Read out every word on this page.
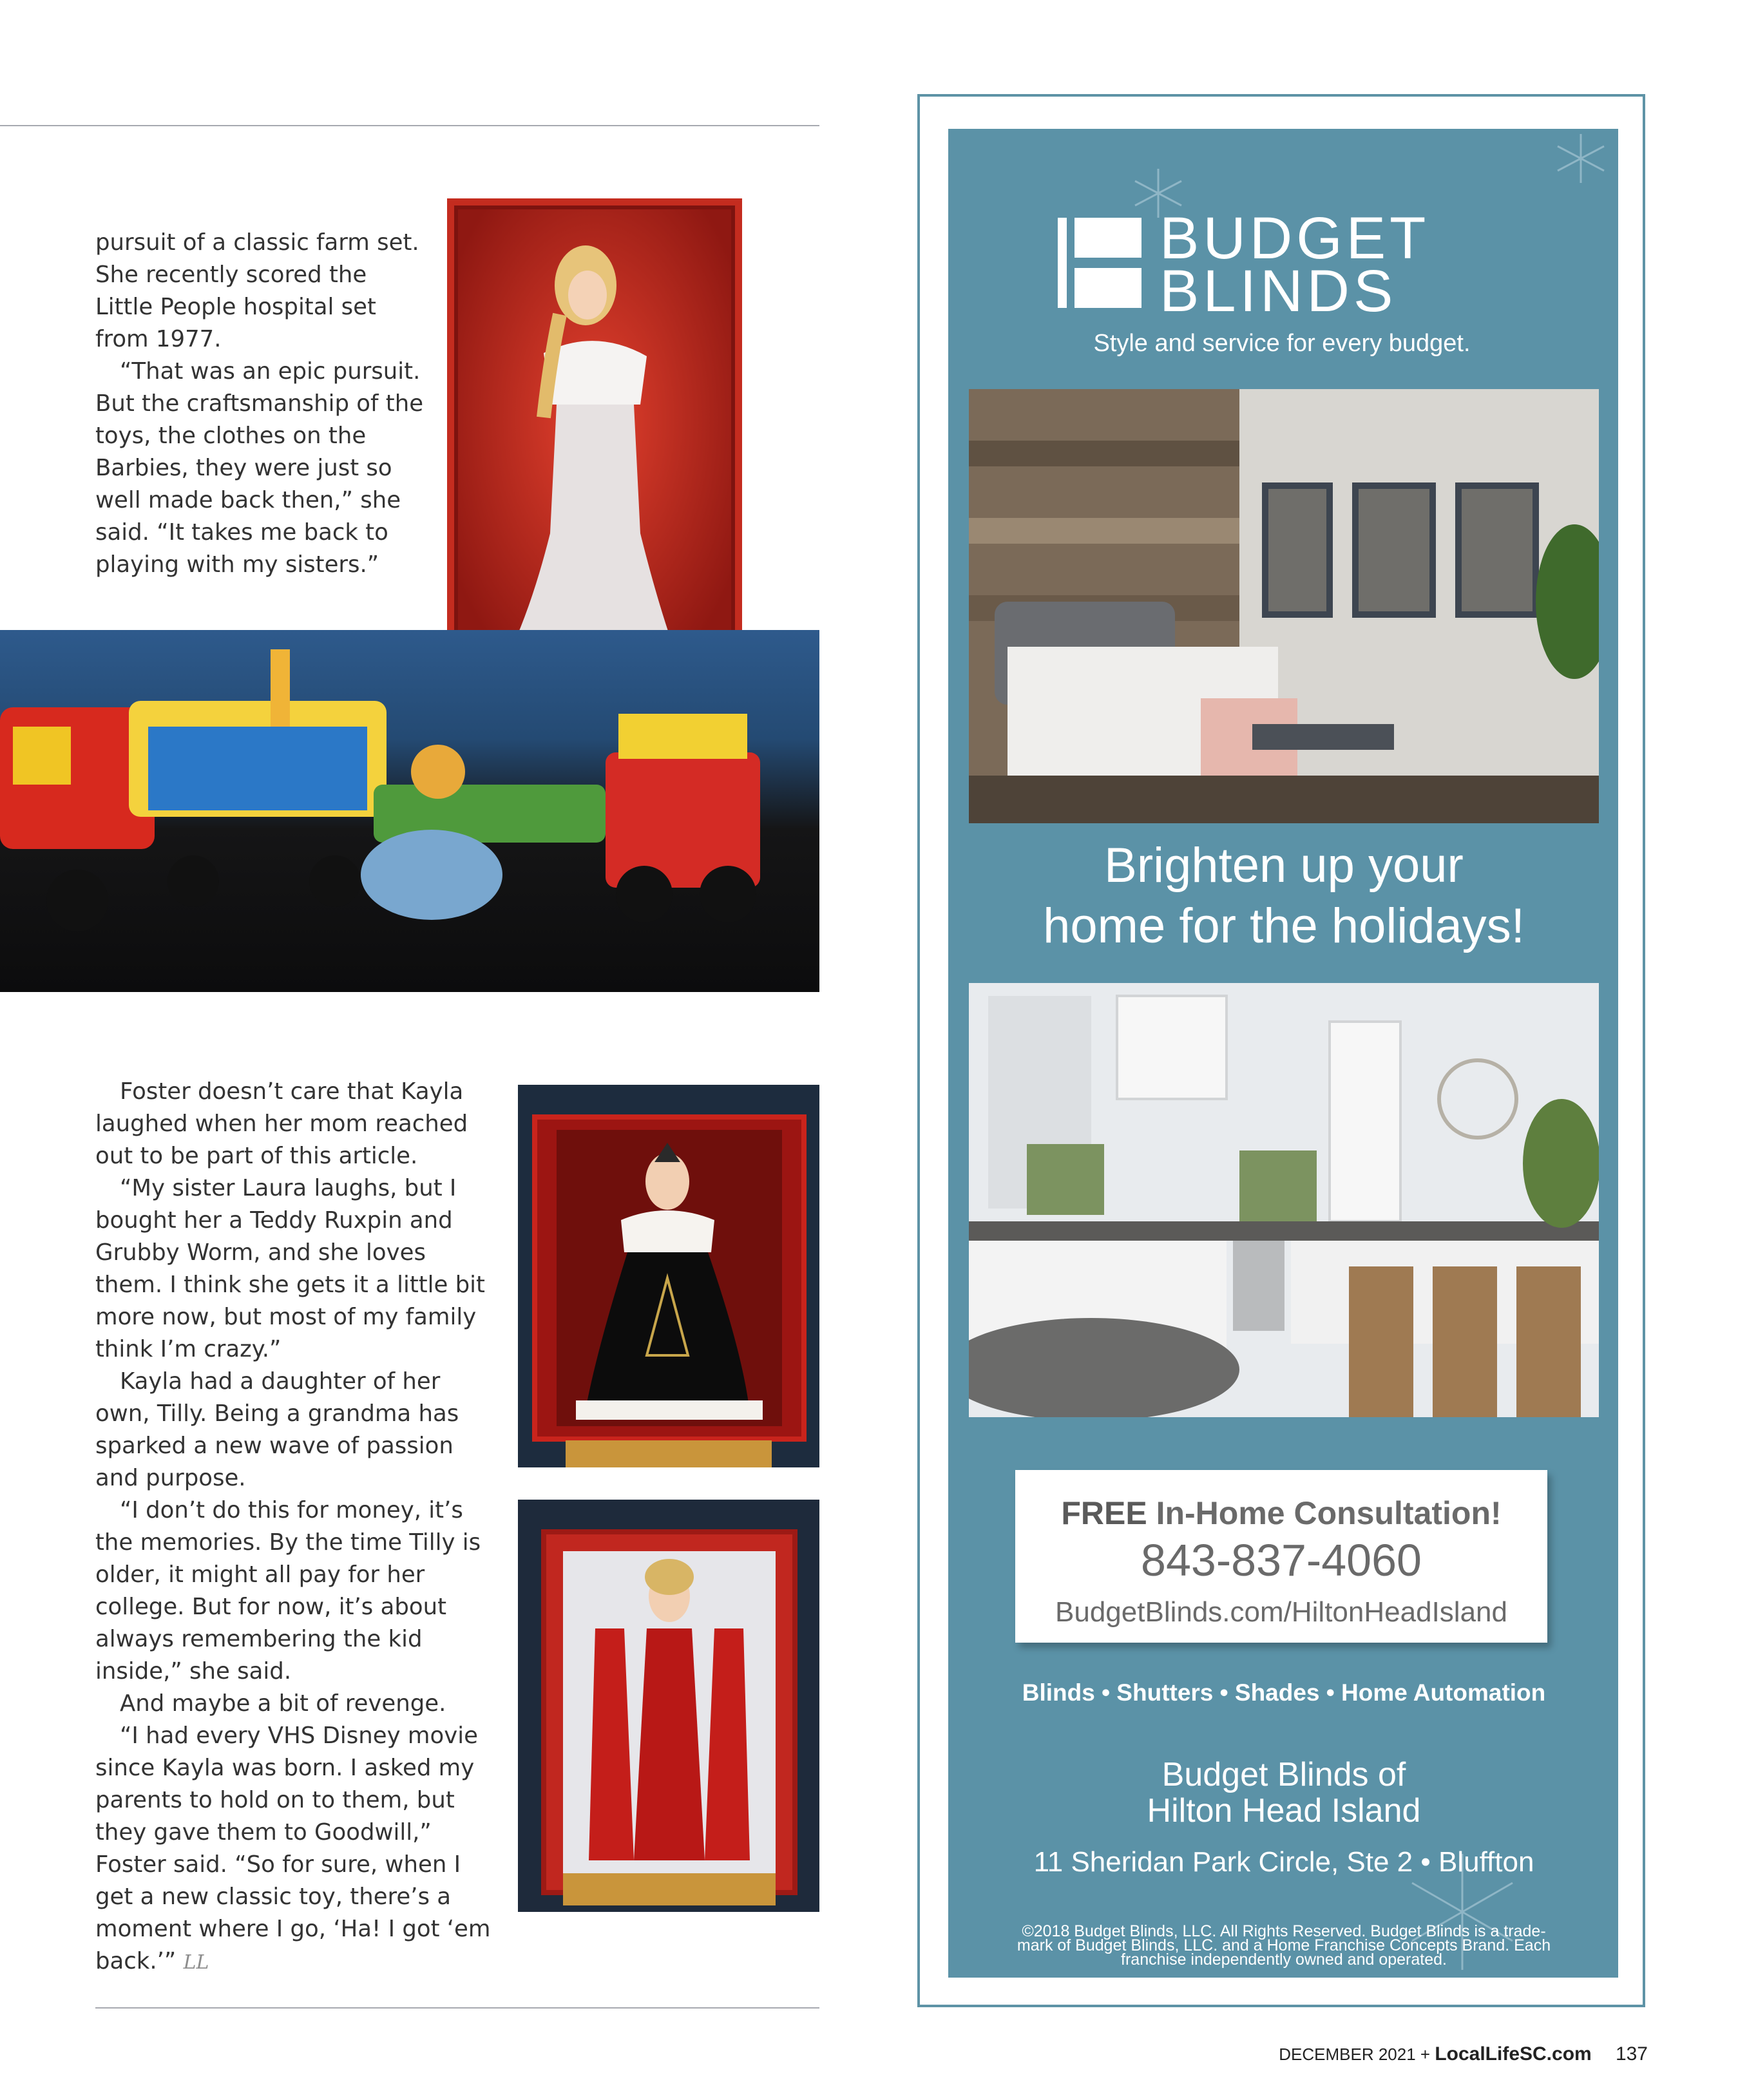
pursuit of a classic farm set. She recently scored the Little People hospital set from 1977.

“That was an epic pursuit. But the craftsmanship of the toys, the clothes on the Barbies, they were just so well made back then,” she said. “It takes me back to playing with my sisters.”

Foster doesn’t care that Kayla laughed when her mom reached out to be part of this article.

“My sister Laura laughs, but I bought her a Teddy Ruxpin and Grubby Worm, and she loves them. I think she gets it a little bit more now, but most of my family think I’m crazy.”

Kayla had a daughter of her own, Tilly. Being a grandma has sparked a new wave of passion and purpose.

“I don’t do this for money, it’s the memories. By the time Tilly is older, it might all pay for her college. But for now, it’s about always remembering the kid inside,” she said.

And maybe a bit of revenge.

“I had every VHS Disney movie since Kayla was born. I asked my parents to hold on to them, but they gave them to Goodwill,” Foster said. “So for sure, when I get a new classic toy, there’s a moment where I go, ‘Ha! I got ‘em back.’” LL

BUDGET
BLINDS
Style and service for every budget.
Brighten up your
home for the holidays!
FREE In-Home Consultation!
843-837-4060
BudgetBlinds.com/HiltonHeadIsland
Blinds • Shutters • Shades • Home Automation
Budget Blinds of
Hilton Head Island
11 Sheridan Park Circle, Ste 2 • Bluffton
©2018 Budget Blinds, LLC. All Rights Reserved. Budget Blinds is a trade-
mark of Budget Blinds, LLC. and a Home Franchise Concepts Brand. Each
franchise independently owned and operated.
DECEMBER 2021 + LocalLifeSC.com 137
